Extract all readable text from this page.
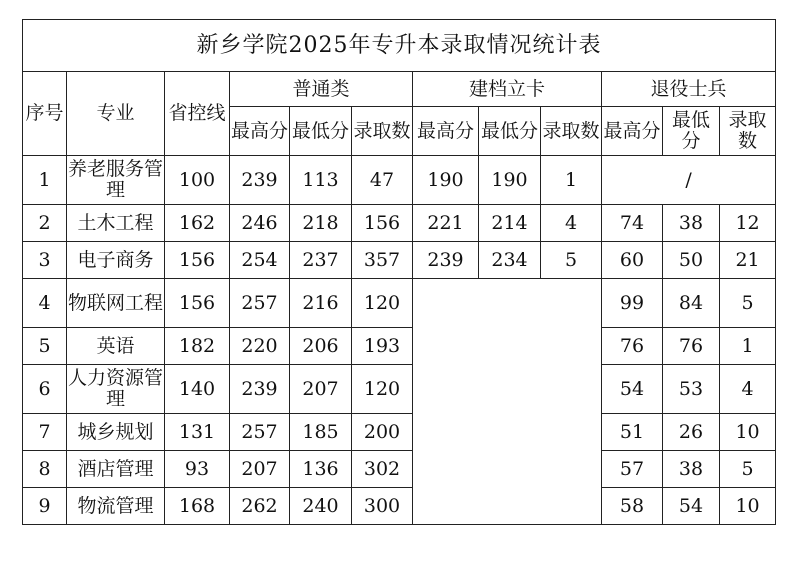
新乡学院2025年专升本录取情况统计表											
序号	专业	省控线	普通类			建档立卡			退役士兵		
			最高分	最低分	录取数	最高分	最低分	录取数	最高分	最低分	录取数
1	养老服务管理	100	239	113	47	190	190	1	/		
2	土木工程	162	246	218	156	221	214	4	74	38	12
3	电子商务	156	254	237	357	239	234	5	60	50	21
4	物联网工程	156	257	216	120				99	84	5
5	英语	182	220	206	193				76	76	1
6	人力资源管理	140	239	207	120				54	53	4
7	城乡规划	131	257	185	200				51	26	10
8	酒店管理	93	207	136	302				57	38	5
9	物流管理	168	262	240	300				58	54	10
